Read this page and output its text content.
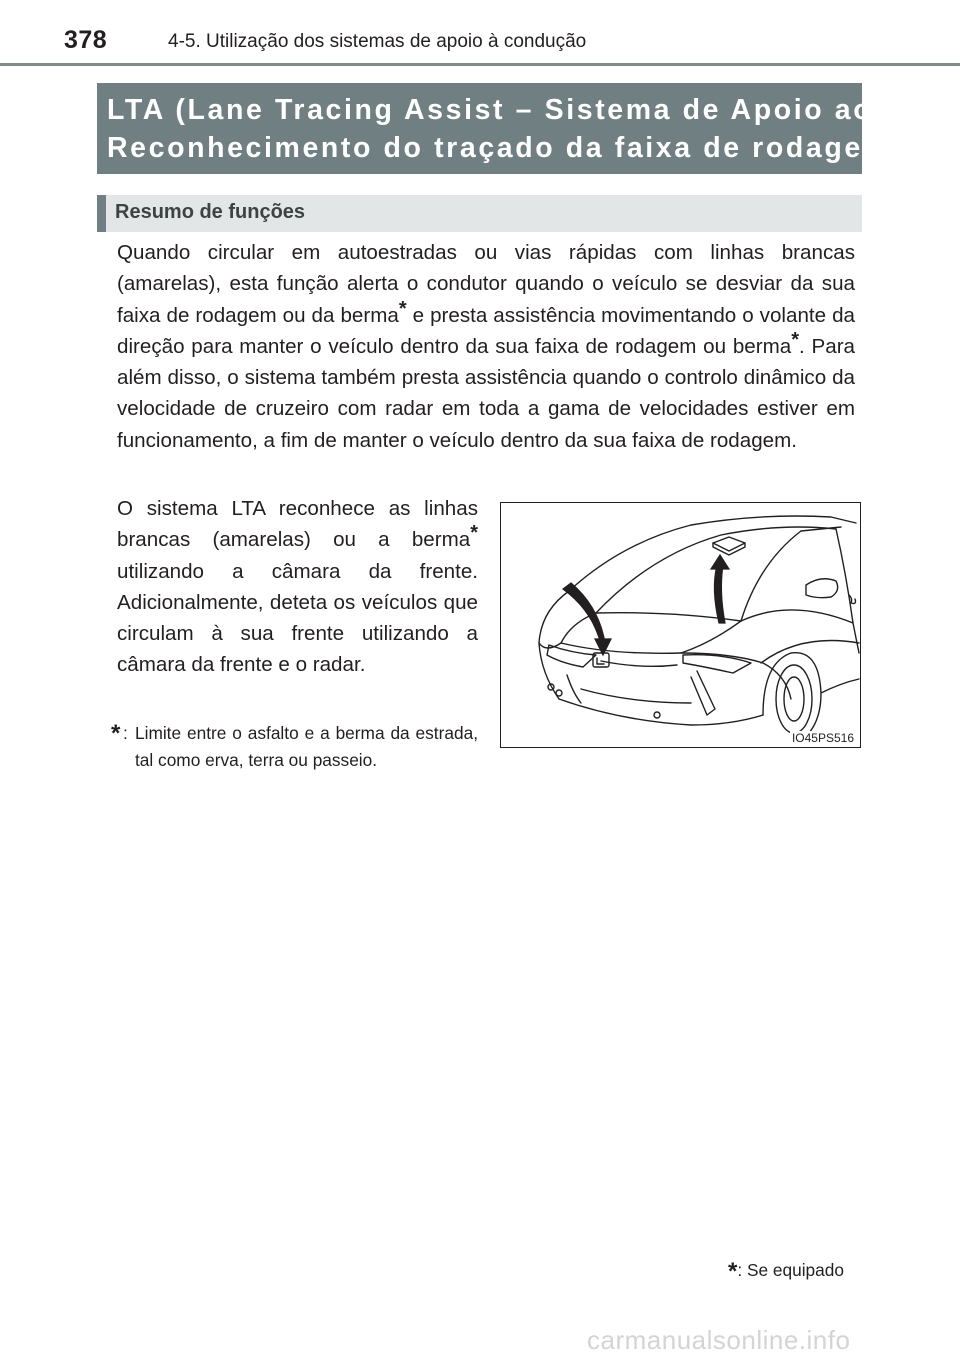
378	4-5. Utilização dos sistemas de apoio à condução
LTA (Lane Tracing Assist – Sistema de Apoio ao
Reconhecimento do traçado da faixa de rodagem)*
Resumo de funções

Quando circular em autoestradas ou vias rápidas com linhas brancas (amarelas), esta função alerta o condutor quando o veículo se desviar da sua faixa de rodagem ou da berma* e presta assistência movimentando o volante da direção para manter o veículo dentro da sua faixa de rodagem ou berma*. Para além disso, o sistema também presta assistência quando o controlo dinâmico da velocidade de cruzeiro com radar em toda a gama de velocidades estiver em funcionamento, a fim de manter o veículo dentro da sua faixa de rodagem.

O sistema LTA reconhece as linhas brancas (amarelas) ou a berma* utilizando a câmara da frente. Adicionalmente, deteta os veículos que circulam à sua frente utilizando a câmara da frente e o radar.

* : Limite entre o asfalto e a berma da estrada, tal como erva, terra ou passeio.
IO45PS516
*: Se equipado
carmanualsonline.info
